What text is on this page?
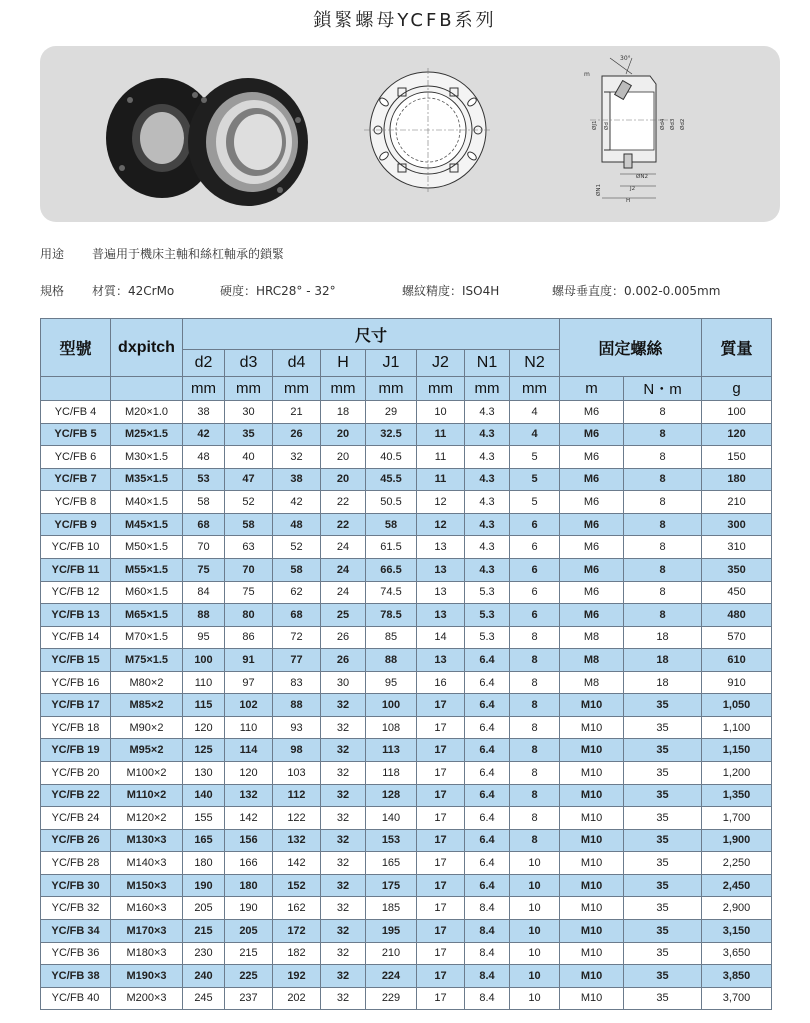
鎖緊螺母YCFB系列
30°
m
ØJ1 Ød	Ød4 Ød3 Ød2
ØN1
ØN2
J2
H
用途 普遍用于機床主軸和絲杠軸承的鎖緊
規格 材質：42CrMo	硬度：HRC28° - 32°	螺紋精度：ISO4H	螺母垂直度：0.002-0.005mm
型號	dxpitch	尺寸								固定螺絲		質量
		d2	d3	d4	H	J1	J2	N1	N2			
		mm	mm	mm	mm	mm	mm	mm	mm	m	N・m	g
YC/FB 4	M20×1.0	38	30	21	18	29	10	4.3	4	M6	8	100
YC/FB 5	M25×1.5	42	35	26	20	32.5	11	4.3	4	M6	8	120
YC/FB 6	M30×1.5	48	40	32	20	40.5	11	4.3	5	M6	8	150
YC/FB 7	M35×1.5	53	47	38	20	45.5	11	4.3	5	M6	8	180
YC/FB 8	M40×1.5	58	52	42	22	50.5	12	4.3	5	M6	8	210
YC/FB 9	M45×1.5	68	58	48	22	58	12	4.3	6	M6	8	300
YC/FB 10	M50×1.5	70	63	52	24	61.5	13	4.3	6	M6	8	310
YC/FB 11	M55×1.5	75	70	58	24	66.5	13	4.3	6	M6	8	350
YC/FB 12	M60×1.5	84	75	62	24	74.5	13	5.3	6	M6	8	450
YC/FB 13	M65×1.5	88	80	68	25	78.5	13	5.3	6	M6	8	480
YC/FB 14	M70×1.5	95	86	72	26	85	14	5.3	8	M8	18	570
YC/FB 15	M75×1.5	100	91	77	26	88	13	6.4	8	M8	18	610
YC/FB 16	M80×2	110	97	83	30	95	16	6.4	8	M8	18	910
YC/FB 17	M85×2	115	102	88	32	100	17	6.4	8	M10	35	1,050
YC/FB 18	M90×2	120	110	93	32	108	17	6.4	8	M10	35	1,100
YC/FB 19	M95×2	125	114	98	32	113	17	6.4	8	M10	35	1,150
YC/FB 20	M100×2	130	120	103	32	118	17	6.4	8	M10	35	1,200
YC/FB 22	M110×2	140	132	112	32	128	17	6.4	8	M10	35	1,350
YC/FB 24	M120×2	155	142	122	32	140	17	6.4	8	M10	35	1,700
YC/FB 26	M130×3	165	156	132	32	153	17	6.4	8	M10	35	1,900
YC/FB 28	M140×3	180	166	142	32	165	17	6.4	10	M10	35	2,250
YC/FB 30	M150×3	190	180	152	32	175	17	6.4	10	M10	35	2,450
YC/FB 32	M160×3	205	190	162	32	185	17	8.4	10	M10	35	2,900
YC/FB 34	M170×3	215	205	172	32	195	17	8.4	10	M10	35	3,150
YC/FB 36	M180×3	230	215	182	32	210	17	8.4	10	M10	35	3,650
YC/FB 38	M190×3	240	225	192	32	224	17	8.4	10	M10	35	3,850
YC/FB 40	M200×3	245	237	202	32	229	17	8.4	10	M10	35	3,700
